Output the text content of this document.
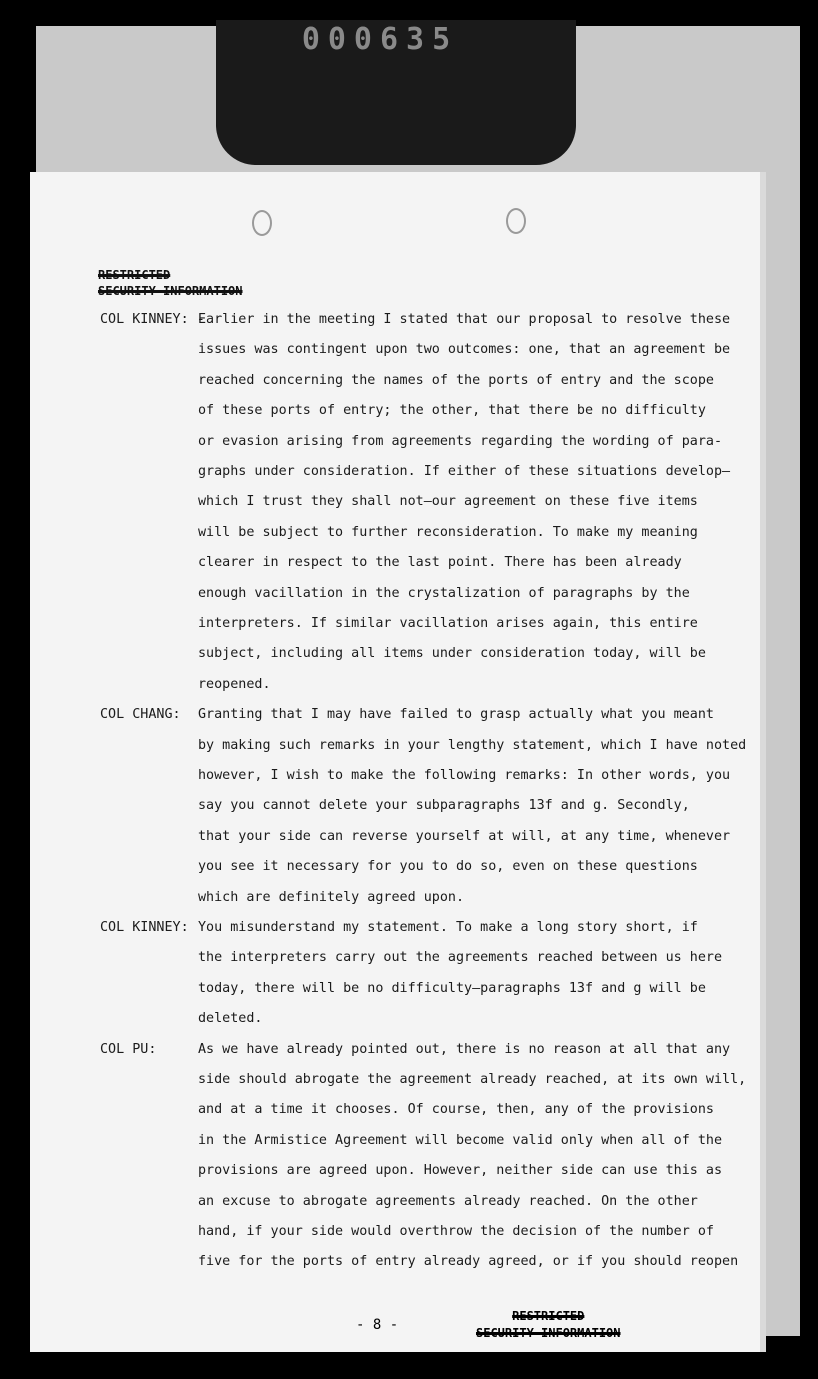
000635
RESTRICTED
SECURITY INFORMATION
COL KINNEY: -
Earlier in the meeting I stated that our proposal to resolve these
issues was contingent upon two outcomes: one, that an agreement be
reached concerning the names of the ports of entry and the scope
of these ports of entry; the other, that there be no difficulty
or evasion arising from agreements regarding the wording of para-
graphs under consideration. If either of these situations develop—
which I trust they shall not—our agreement on these five items
will be subject to further reconsideration. To make my meaning
clearer in respect to the last point. There has been already
enough vacillation in the crystalization of paragraphs by the
interpreters. If similar vacillation arises again, this entire
subject, including all items under consideration today, will be
reopened.
COL CHANG: Granting that I may have failed to grasp actually what you meant
by making such remarks in your lengthy statement, which I have noted
however, I wish to make the following remarks: In other words, you
say you cannot delete your subparagraphs 13f and g. Secondly,
that your side can reverse yourself at will, at any time, whenever
you see it necessary for you to do so, even on these questions
which are definitely agreed upon.
COL KINNEY: You misunderstand my statement. To make a long story short, if
the interpreters carry out the agreements reached between us here
today, there will be no difficulty—paragraphs 13f and g will be
deleted.
COL PU:	As we have already pointed out, there is no reason at all that any
side should abrogate the agreement already reached, at its own will,
and at a time it chooses. Of course, then, any of the provisions
in the Armistice Agreement will become valid only when all of the
provisions are agreed upon. However, neither side can use this as
an excuse to abrogate agreements already reached. On the other
hand, if your side would overthrow the decision of the number of
five for the ports of entry already agreed, or if you should reopen
- 8 -
RESTRICTED
SECURITY INFORMATION
